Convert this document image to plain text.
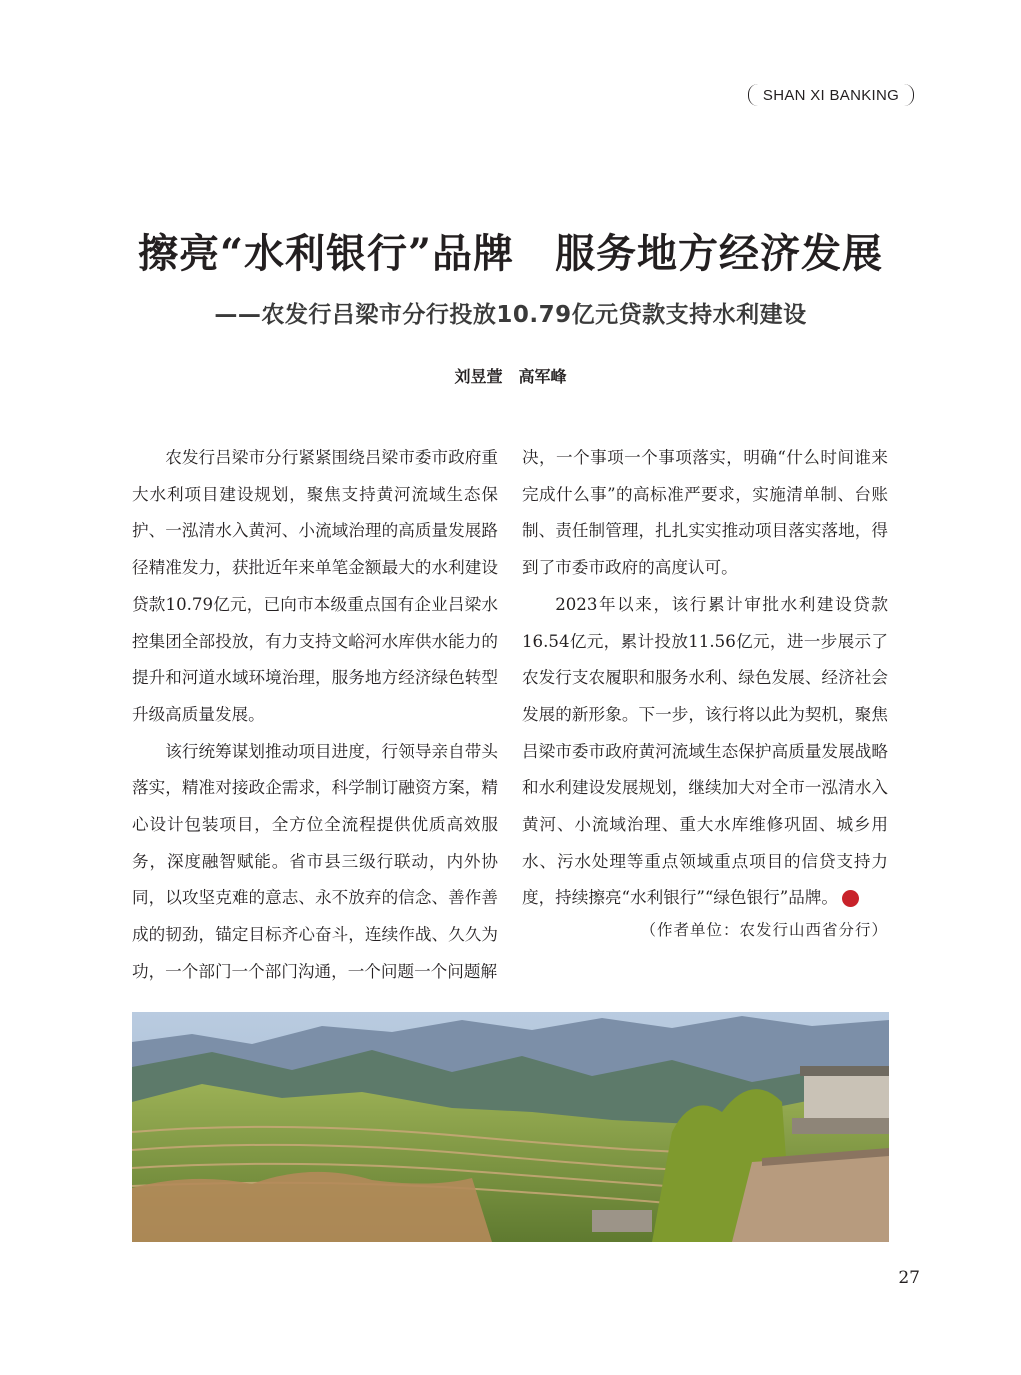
SHAN XI BANKING
擦亮“水利银行”品牌　服务地方经济发展
——农发行吕梁市分行投放10.79亿元贷款支持水利建设
刘昱萱　高军峰

农发行吕梁市分行紧紧围绕吕梁市委市政府重大水利项目建设规划，聚焦支持黄河流域生态保护、一泓清水入黄河、小流域治理的高质量发展路径精准发力，获批近年来单笔金额最大的水利建设贷款10.79亿元，已向市本级重点国有企业吕梁水控集团全部投放，有力支持文峪河水库供水能力的提升和河道水域环境治理，服务地方经济绿色转型升级高质量发展。

该行统筹谋划推动项目进度，行领导亲自带头落实，精准对接政企需求，科学制订融资方案，精心设计包装项目，全方位全流程提供优质高效服务，深度融智赋能。省市县三级行联动，内外协同，以攻坚克难的意志、永不放弃的信念、善作善成的韧劲，锚定目标齐心奋斗，连续作战、久久为功，一个部门一个部门沟通，一个问题一个问题解

决，一个事项一个事项落实，明确“什么时间谁来完成什么事”的高标准严要求，实施清单制、台账制、责任制管理，扎扎实实推动项目落实落地，得到了市委市政府的高度认可。

2023年以来，该行累计审批水利建设贷款16.54亿元，累计投放11.56亿元，进一步展示了农发行支农履职和服务水利、绿色发展、经济社会发展的新形象。下一步，该行将以此为契机，聚焦吕梁市委市政府黄河流域生态保护高质量发展战略和水利建设发展规划，继续加大对全市一泓清水入黄河、小流域治理、重大水库维修巩固、城乡用水、污水处理等重点领域重点项目的信贷支持力度，持续擦亮“水利银行”“绿色银行”品牌。	行

（作者单位：农发行山西省分行）
27
